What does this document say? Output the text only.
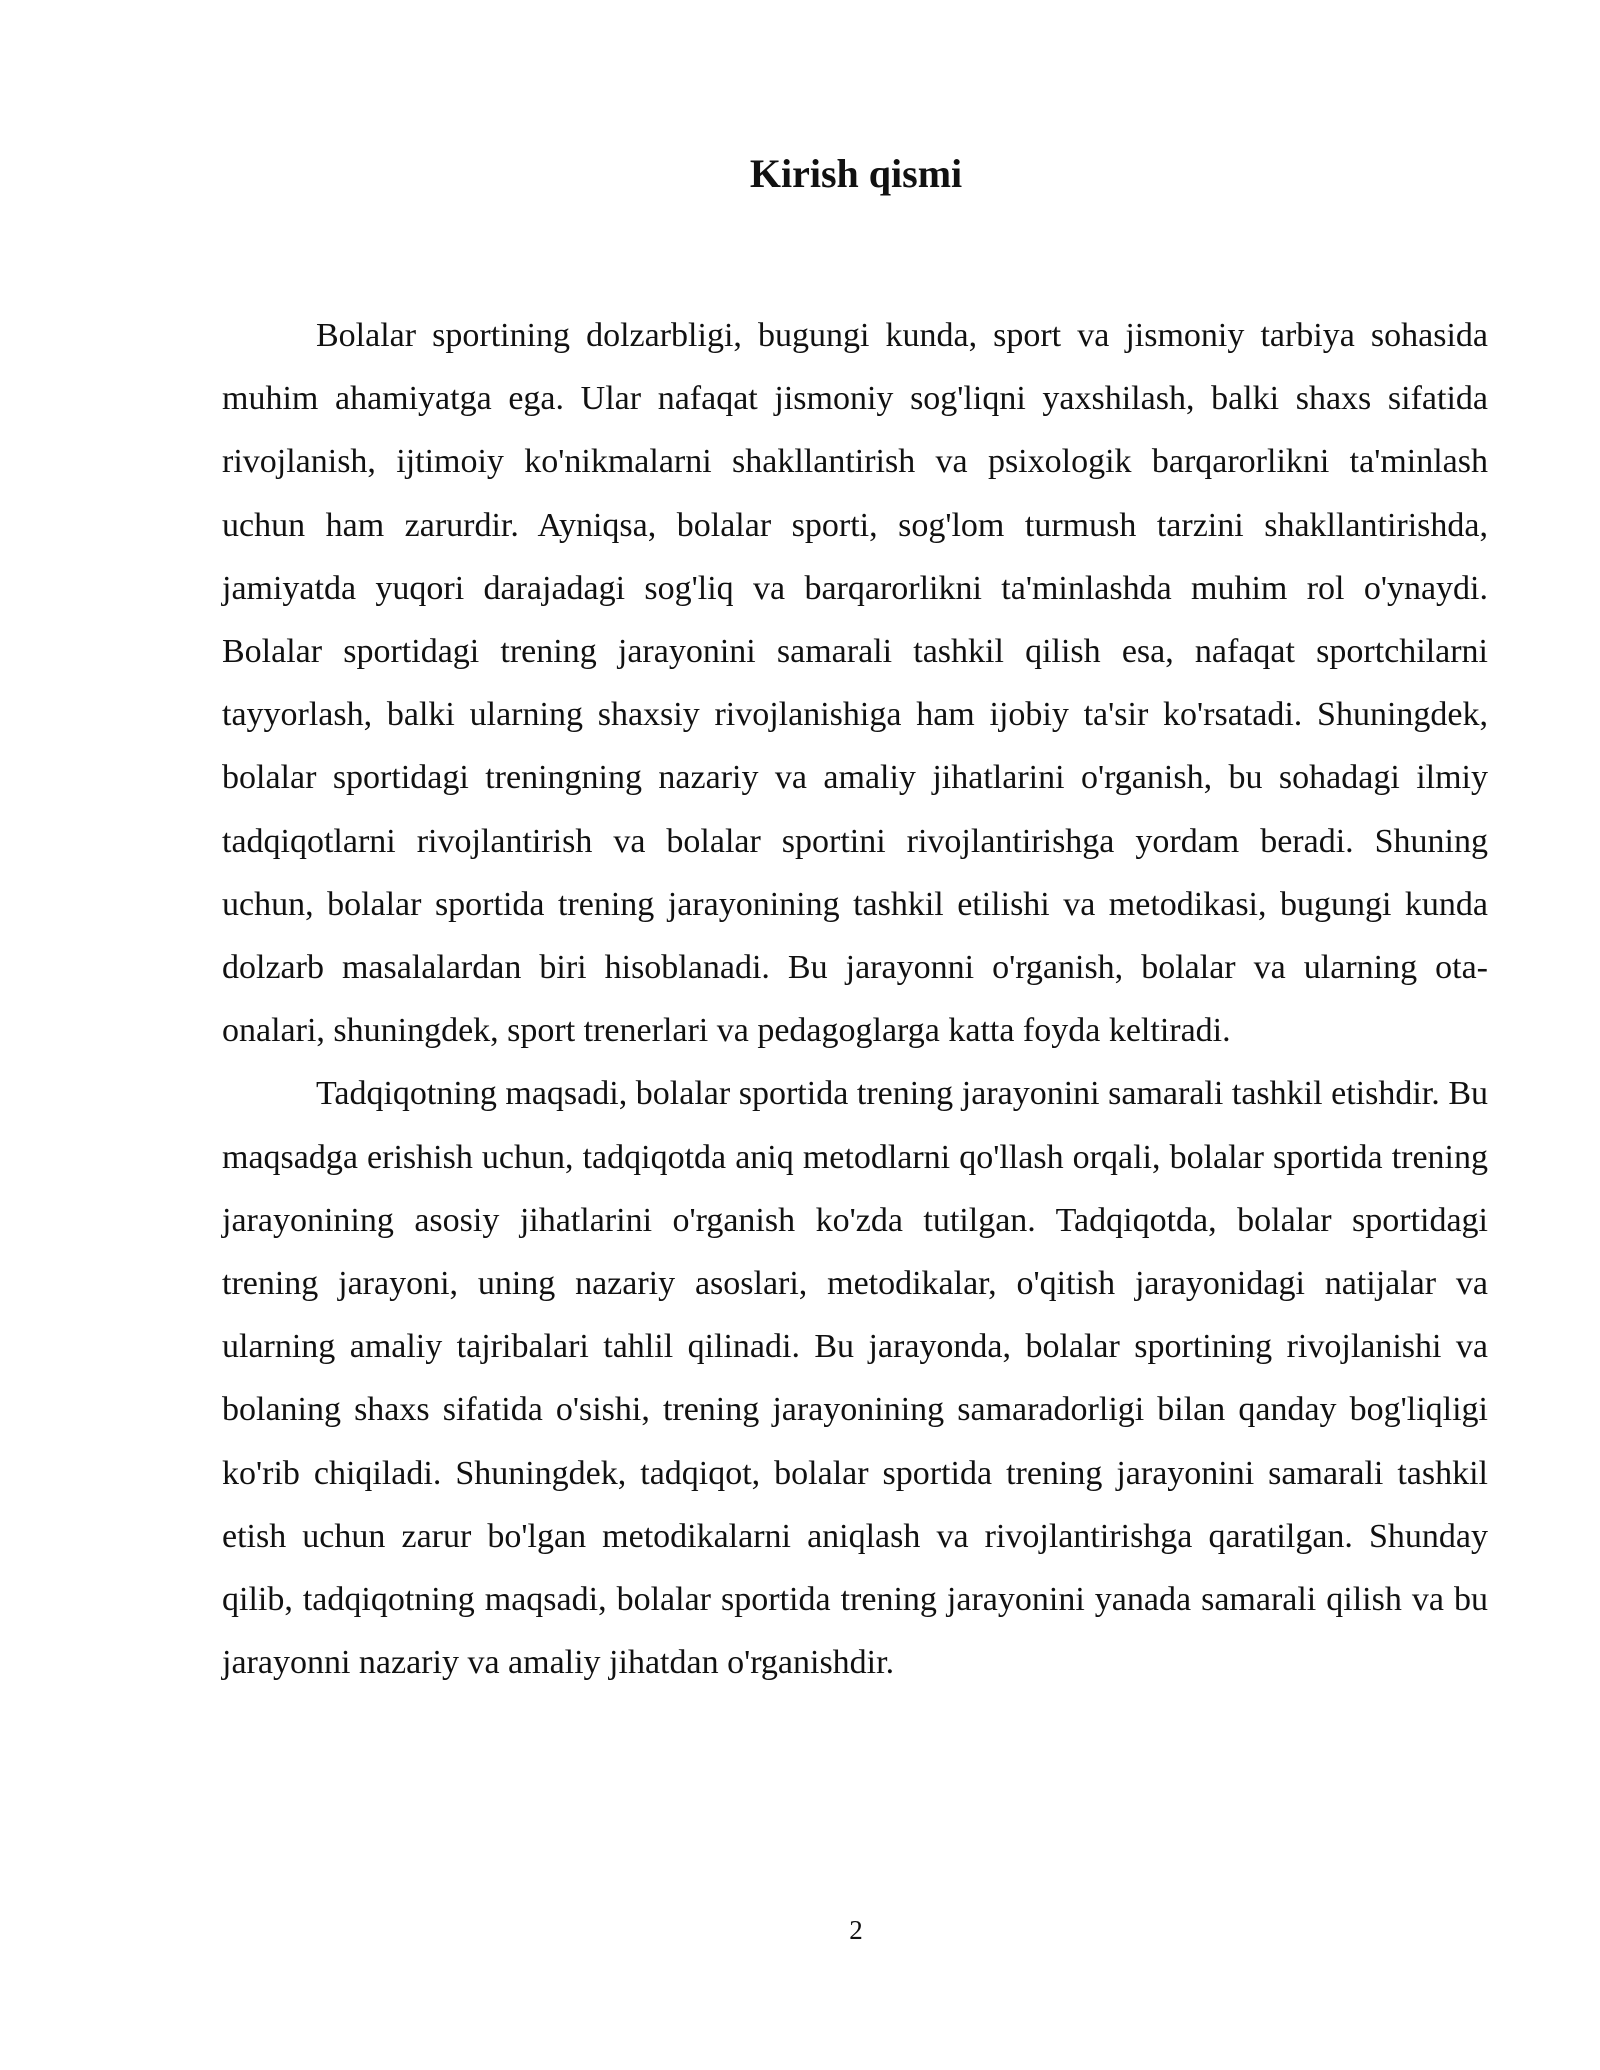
Kirish qismi

Bolalar sportining dolzarbligi, bugungi kunda, sport va jismoniy tarbiya sohasida muhim ahamiyatga ega. Ular nafaqat jismoniy sog'liqni yaxshilash, balki shaxs sifatida rivojlanish, ijtimoiy ko'nikmalarni shakllantirish va psixologik barqarorlikni ta'minlash uchun ham zarurdir. Ayniqsa, bolalar sporti, sog'lom turmush tarzini shakllantirishda, jamiyatda yuqori darajadagi sog'liq va barqarorlikni ta'minlashda muhim rol o'ynaydi. Bolalar sportidagi trening jarayonini samarali tashkil qilish esa, nafaqat sportchilarni tayyorlash, balki ularning shaxsiy rivojlanishiga ham ijobiy ta'sir ko'rsatadi. Shuningdek, bolalar sportidagi treningning nazariy va amaliy jihatlarini o'rganish, bu sohadagi ilmiy tadqiqotlarni rivojlantirish va bolalar sportini rivojlantirishga yordam beradi. Shuning uchun, bolalar sportida trening jarayonining tashkil etilishi va metodikasi, bugungi kunda dolzarb masalalardan biri hisoblanadi. Bu jarayonni o'rganish, bolalar va ularning ota-onalari, shuningdek, sport trenerlari va pedagoglarga katta foyda keltiradi.

Tadqiqotning maqsadi, bolalar sportida trening jarayonini samarali tashkil etishdir. Bu maqsadga erishish uchun, tadqiqotda aniq metodlarni qo'llash orqali, bolalar sportida trening jarayonining asosiy jihatlarini o'rganish ko'zda tutilgan. Tadqiqotda, bolalar sportidagi trening jarayoni, uning nazariy asoslari, metodikalar, o'qitish jarayonidagi natijalar va ularning amaliy tajribalari tahlil qilinadi. Bu jarayonda, bolalar sportining rivojlanishi va bolaning shaxs sifatida o'sishi, trening jarayonining samaradorligi bilan qanday bog'liqligi ko'rib chiqiladi. Shuningdek, tadqiqot, bolalar sportida trening jarayonini samarali tashkil etish uchun zarur bo'lgan metodikalarni aniqlash va rivojlantirishga qaratilgan. Shunday qilib, tadqiqotning maqsadi, bolalar sportida trening jarayonini yanada samarali qilish va bu jarayonni nazariy va amaliy jihatdan o'rganishdir.

2
